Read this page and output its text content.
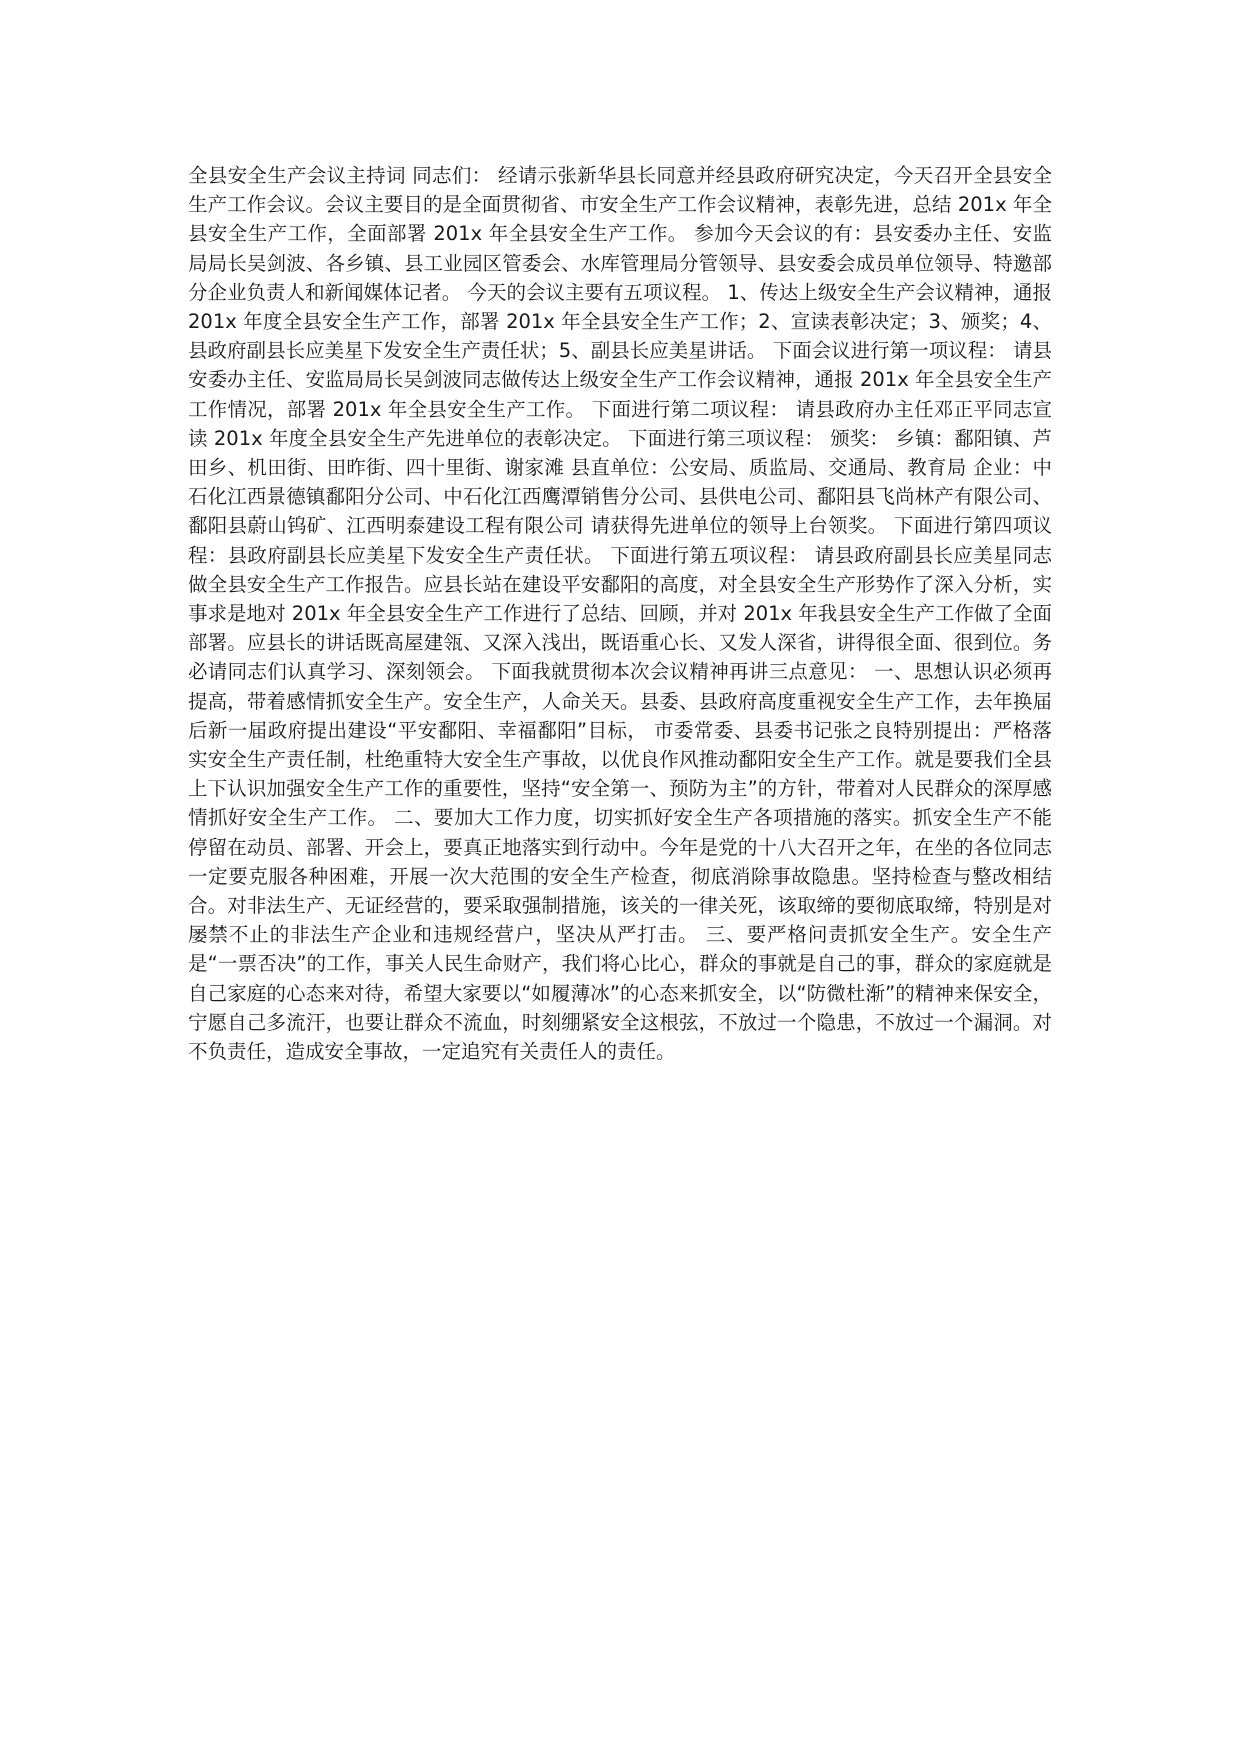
全县安全生产会议主持词 同志们： 经请示张新华县长同意并经县政府研究决定，今天召开全县安全生产工作会议。会议主要目的是全面贯彻省、市安全生产工作会议精神，表彰先进，总结 201x 年全县安全生产工作，全面部署 201x 年全县安全生产工作。 参加今天会议的有：县安委办主任、安监局局长吴剑波、各乡镇、县工业园区管委会、水库管理局分管领导、县安委会成员单位领导、特邀部分企业负责人和新闻媒体记者。 今天的会议主要有五项议程。 1、传达上级安全生产会议精神，通报 201x 年度全县安全生产工作，部署 201x 年全县安全生产工作；2、宣读表彰决定；3、颁奖；4、县政府副县长应美星下发安全生产责任状；5、副县长应美星讲话。 下面会议进行第一项议程： 请县安委办主任、安监局局长吴剑波同志做传达上级安全生产工作会议精神，通报 201x 年全县安全生产工作情况，部署 201x 年全县安全生产工作。 下面进行第二项议程： 请县政府办主任邓正平同志宣读 201x 年度全县安全生产先进单位的表彰决定。 下面进行第三项议程： 颁奖： 乡镇：鄱阳镇、芦田乡、机田街、田昨街、四十里街、谢家滩 县直单位：公安局、质监局、交通局、教育局 企业：中石化江西景德镇鄱阳分公司、中石化江西鹰潭销售分公司、县供电公司、鄱阳县飞尚林产有限公司、鄱阳县蔚山钨矿、江西明泰建设工程有限公司 请获得先进单位的领导上台领奖。 下面进行第四项议程：县政府副县长应美星下发安全生产责任状。 下面进行第五项议程： 请县政府副县长应美星同志做全县安全生产工作报告。应县长站在建设平安鄱阳的高度，对全县安全生产形势作了深入分析，实事求是地对 201x 年全县安全生产工作进行了总结、回顾，并对 201x 年我县安全生产工作做了全面部署。应县长的讲话既高屋建瓴、又深入浅出，既语重心长、又发人深省，讲得很全面、很到位。务必请同志们认真学习、深刻领会。 下面我就贯彻本次会议精神再讲三点意见： 一、思想认识必须再提高，带着感情抓安全生产。安全生产，人命关天。县委、县政府高度重视安全生产工作，去年换届后新一届政府提出建设“平安鄱阳、幸福鄱阳”目标， 市委常委、县委书记张之良特别提出：严格落实安全生产责任制，杜绝重特大安全生产事故，以优良作风推动鄱阳安全生产工作。就是要我们全县上下认识加强安全生产工作的重要性，坚持“安全第一、预防为主”的方针，带着对人民群众的深厚感情抓好安全生产工作。 二、要加大工作力度，切实抓好安全生产各项措施的落实。抓安全生产不能停留在动员、部署、开会上，要真正地落实到行动中。今年是党的十八大召开之年，在坐的各位同志一定要克服各种困难，开展一次大范围的安全生产检查，彻底消除事故隐患。坚持检查与整改相结合。对非法生产、无证经营的，要采取强制措施，该关的一律关死，该取缔的要彻底取缔，特别是对屡禁不止的非法生产企业和违规经营户，坚决从严打击。 三、要严格问责抓安全生产。安全生产是“一票否决”的工作，事关人民生命财产，我们将心比心，群众的事就是自己的事，群众的家庭就是自己家庭的心态来对待，希望大家要以“如履薄冰”的心态来抓安全，以“防微杜渐”的精神来保安全，宁愿自己多流汗，也要让群众不流血，时刻绷紧安全这根弦，不放过一个隐患，不放过一个漏洞。对不负责任，造成安全事故，一定追究有关责任人的责任。
